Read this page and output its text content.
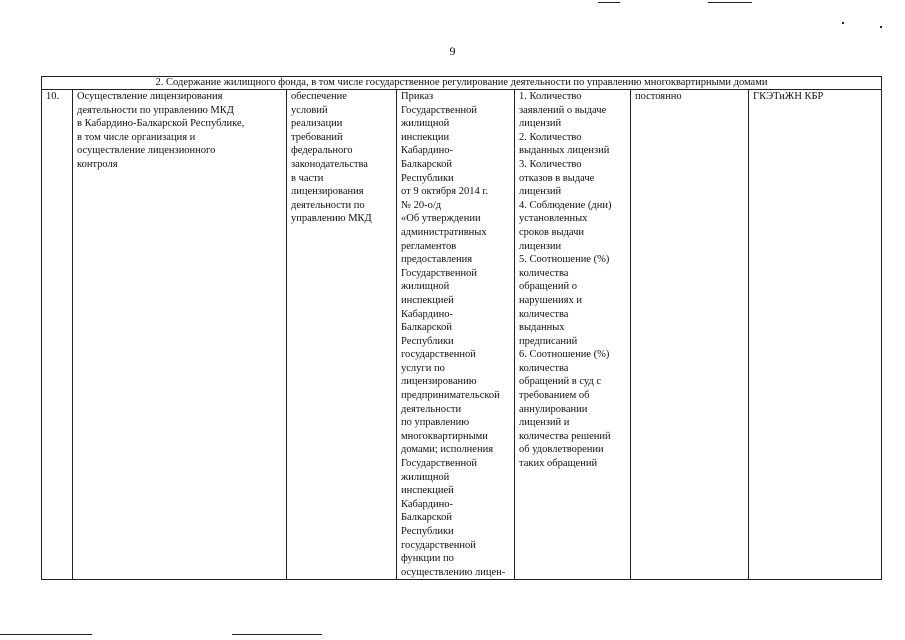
9
2. Содержание жилищного фонда, в том числе государственное регулирование деятельности по управлению многоквартирными домами
10.	Осуществление лицензирования
деятельности по управлению МКД
в Кабардино-Балкарской Республике,
в том числе организация и
осуществление лицензионного
контроля	обеспечение
условий
реализации
требований
федерального
законодательства
в части
лицензирования
деятельности по
управлению МКД	Приказ
Государственной
жилищной
инспекции
Кабардино-
Балкарской
Республики
от 9 октября 2014 г.
№ 20-о/д
«Об утверждении
административных
регламентов
предоставления
Государственной
жилищной
инспекцией
Кабардино-
Балкарской
Республики
государственной
услуги по
лицензированию
предпринимательской деятельности
по управлению
многоквартирными
домами; исполнения
Государственной
жилищной
инспекцией
Кабардино-
Балкарской
Республики
государственной
функции по осуществлению лицен-	1. Количество
заявлений о выдаче
лицензий
2. Количество
выданных лицензий
3. Количество
отказов в выдаче
лицензий
4. Соблюдение (дни)
установленных
сроков выдачи
лицензии
5. Соотношение (%)
количества
обращений о
нарушениях и
количества
выданных
предписаний
6. Соотношение (%)
количества
обращений в суд с
требованием об
аннулировании
лицензий и
количества решений
об удовлетворении
таких обращений	постоянно	ГКЭТиЖН КБР
